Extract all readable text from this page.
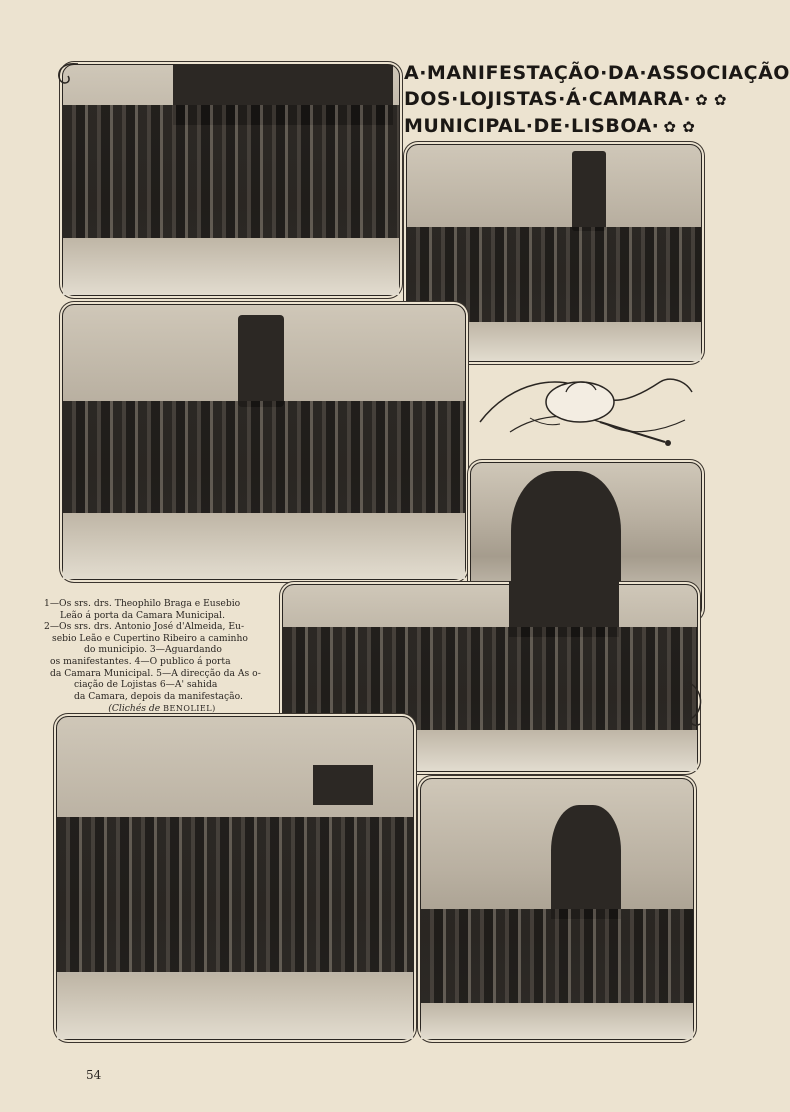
A·MANIFESTAÇÃO·DA·ASSOCIAÇÃO
DOS·LOJISTAS·Á·CAMARA· ✿ ✿
MUNICIPAL·DE·LISBOA· ✿ ✿

1—Os srs. drs. Theophilo Braga e Eusebio

Leão á porta da Camara Municipal.

2—Os srs. drs. Antonio José d'Almeida, Eu-

sebio Leão e Cupertino Ribeiro a caminho

do municipio. 3—Aguardando

os manifestantes. 4—O publico á porta

da Camara Municipal. 5—A direcção da As o-

ciação de Lojistas 6—A' sahida

da Camara, depois da manifestação.

(Clichés de BENOLIEL)

54
